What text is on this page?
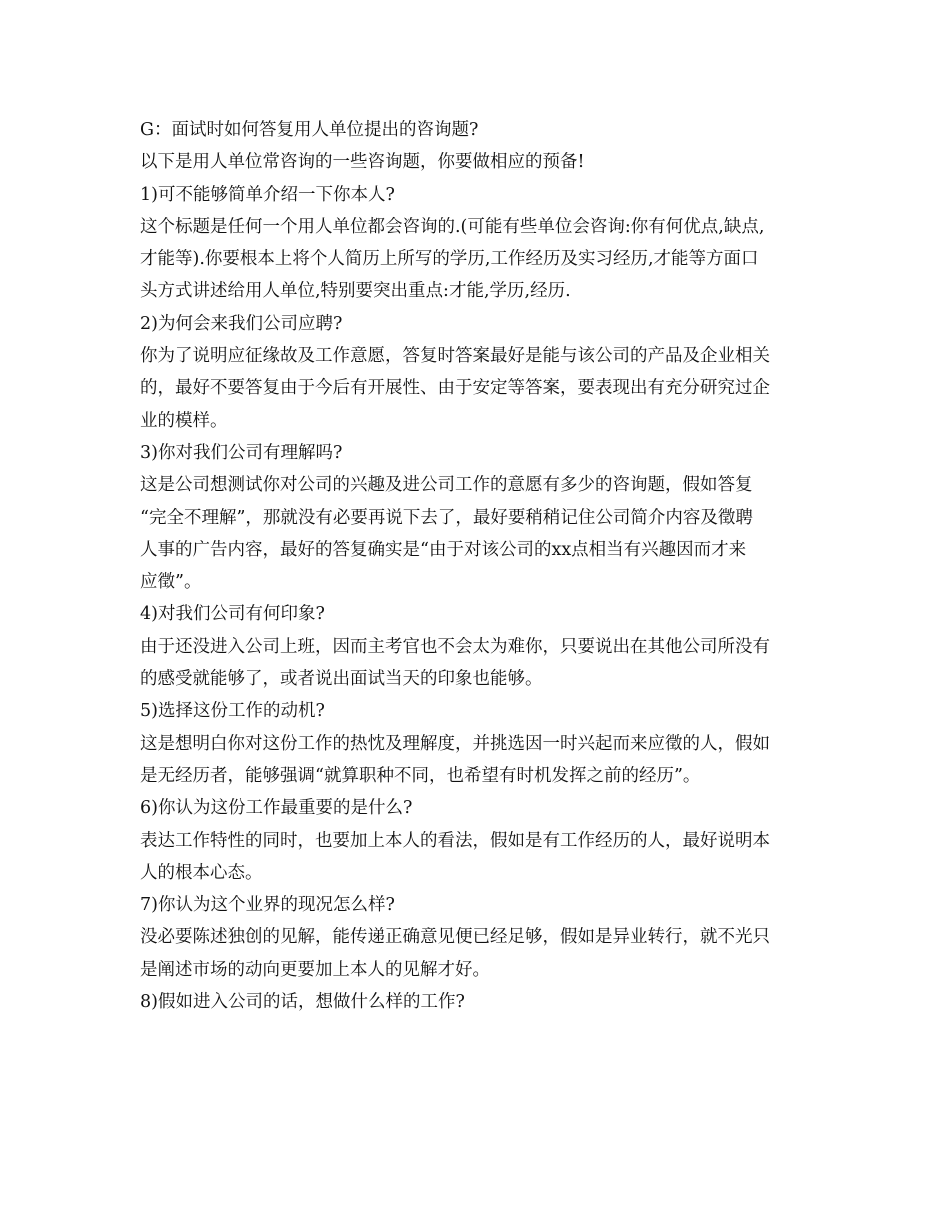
G：面试时如何答复用人单位提出的咨询题?
以下是用人单位常咨询的一些咨询题，你要做相应的预备!
1)可不能够简单介绍一下你本人?
这个标题是任何一个用人单位都会咨询的.(可能有些单位会咨询:你有何优点,缺点,
才能等).你要根本上将个人简历上所写的学历,工作经历及实习经历,才能等方面口
头方式讲述给用人单位,特别要突出重点:才能,学历,经历.
2)为何会来我们公司应聘?
你为了说明应征缘故及工作意愿，答复时答案最好是能与该公司的产品及企业相关
的，最好不要答复由于今后有开展性、由于安定等答案，要表现出有充分研究过企
业的模样。
3)你对我们公司有理解吗?
这是公司想测试你对公司的兴趣及进公司工作的意愿有多少的咨询题，假如答复
“完全不理解”，那就没有必要再说下去了，最好要稍稍记住公司简介内容及徵聘
人事的广告内容，最好的答复确实是“由于对该公司的xx点相当有兴趣因而才来
应徵”。
4)对我们公司有何印象?
由于还没进入公司上班，因而主考官也不会太为难你，只要说出在其他公司所没有
的感受就能够了，或者说出面试当天的印象也能够。
5)选择这份工作的动机?
这是想明白你对这份工作的热忱及理解度，并挑选因一时兴起而来应徵的人，假如
是无经历者，能够强调“就算职种不同，也希望有时机发挥之前的经历”。
6)你认为这份工作最重要的是什么?
表达工作特性的同时，也要加上本人的看法，假如是有工作经历的人，最好说明本
人的根本心态。
7)你认为这个业界的现况怎么样?
没必要陈述独创的见解，能传递正确意见便已经足够，假如是异业转行，就不光只
是阐述市场的动向更要加上本人的见解才好。
8)假如进入公司的话，想做什么样的工作?
